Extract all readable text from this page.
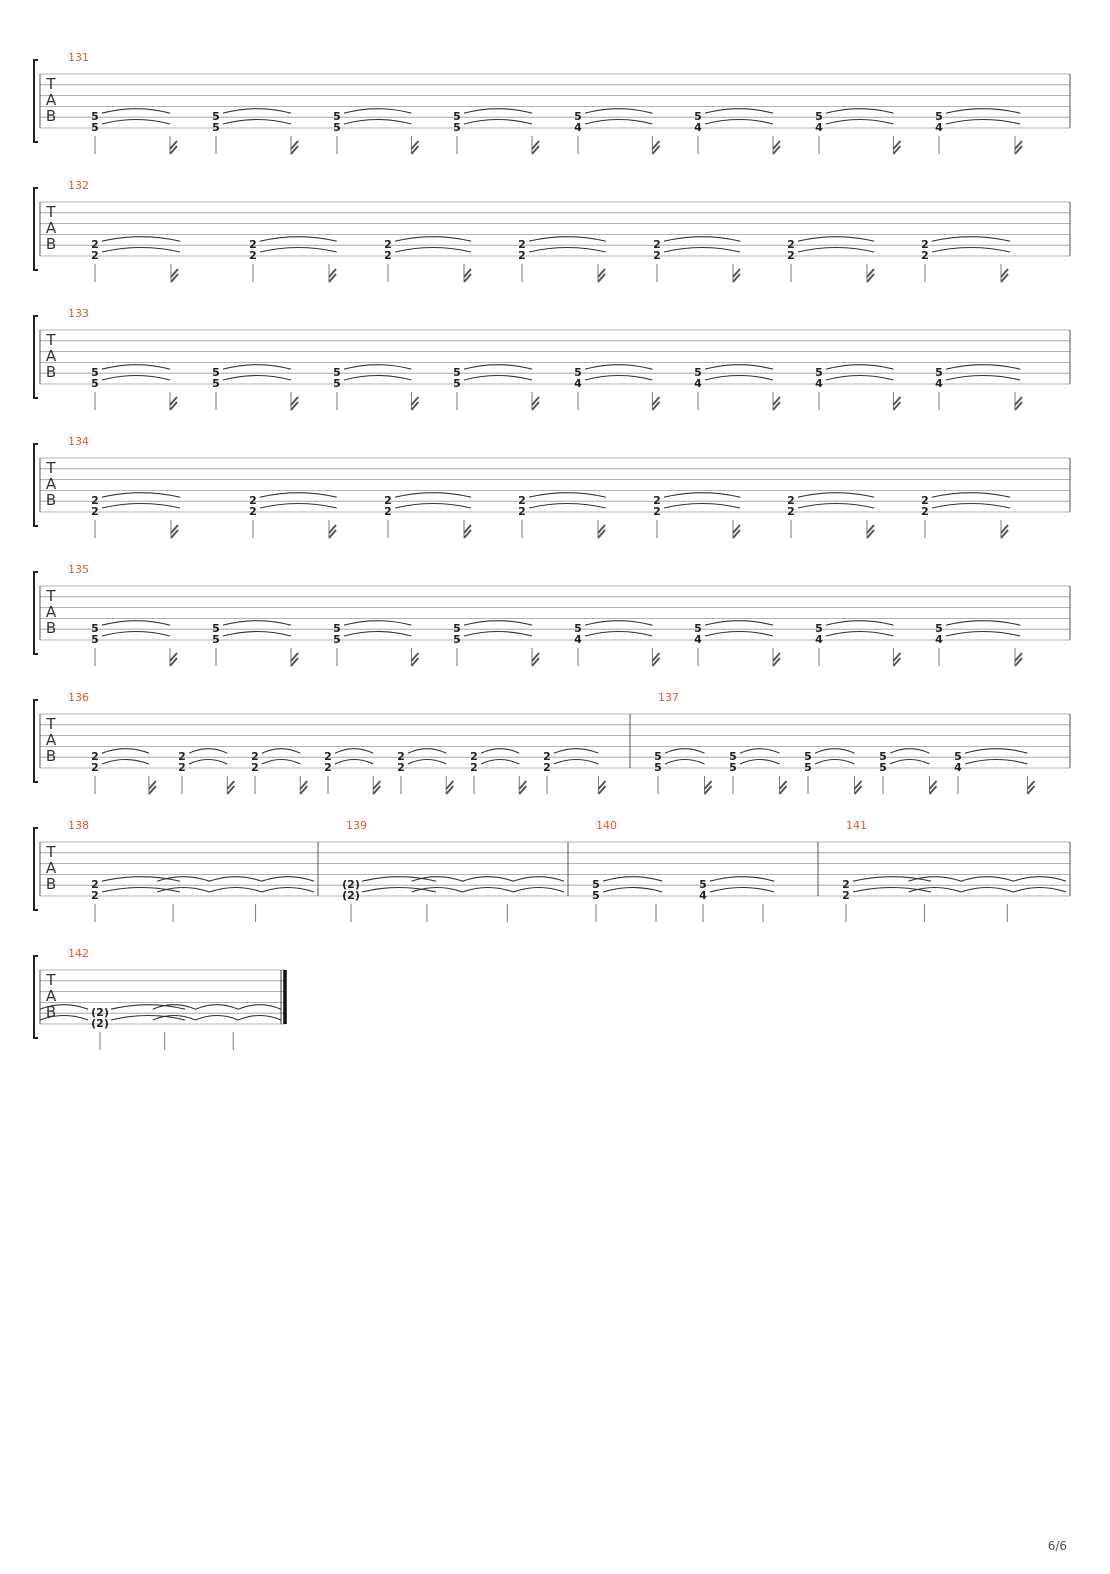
T
A
B
131
5
5
5
5
5
5
5
5
5
4
5
4
5
4
5
4
T
A
B
132
2
2
2
2
2
2
2
2
2
2
2
2
2
2
T
A
B
133
5
5
5
5
5
5
5
5
5
4
5
4
5
4
5
4
T
A
B
134
2
2
2
2
2
2
2
2
2
2
2
2
2
2
T
A
B
135
5
5
5
5
5
5
5
5
5
4
5
4
5
4
5
4
T
A
B
136
2
2
2
2
2
2
2
2
2
2
2
2
2
2
137
5
5
5
5
5
5
5
5
5
4
T
A
B
138
2
2
139
(2)
(2)
140
5
5
5
4
141
2
2
T
A
B
142
(2)
(2)
6/6
